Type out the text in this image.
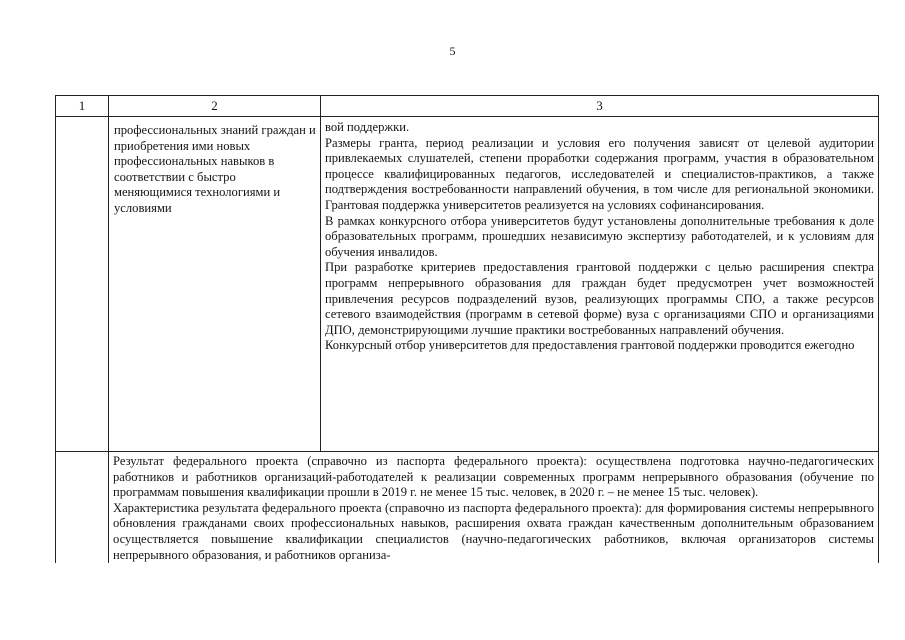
5
1	2	3
	профессиональных знаний граждан и приобретения ими новых профессиональных навыков в соответствии с быстро меняющимися технологиями и условиями	вой поддержки.

Размеры гранта, период реализации и условия его получения зависят от целевой аудитории привлекаемых слушателей, степени проработки содержания программ, участия в образовательном процессе квалифицированных педагогов, исследователей и специалистов-практиков, а также подтверждения востребованности направлений обучения, в том числе для региональной экономики. Грантовая поддержка университетов реализуется на условиях софинансирования.

В рамках конкурсного отбора университетов будут установлены дополнительные требования к доле образовательных программ, прошедших независимую экспертизу работодателей, и к условиям для обучения инвалидов.

При разработке критериев предоставления грантовой поддержки с целью расширения спектра программ непрерывного образования для граждан будет предусмотрен учет возможностей привлечения ресурсов подразделений вузов, реализующих программы СПО, а также ресурсов сетевого взаимодействия (программ в сетевой форме) вуза с организациями СПО и организациями ДПО, демонстрирующими лучшие практики востребованных направлений обучения.

Конкурсный отбор университетов для предоставления грантовой поддержки проводится ежегодно

	Результат федерального проекта (справочно из паспорта федерального проекта): осуществлена подготовка научно-педагогических работников и работников организаций-работодателей к реализации современных программ непрерывного образования (обучение по программам повышения квалификации прошли в 2019 г. не менее 15 тыс. человек, в 2020 г. – не менее 15 тыс. человек).

Характеристика результата федерального проекта (справочно из паспорта федерального проекта): для формирования системы непрерывного обновления гражданами своих профессиональных навыков, расширения охвата граждан качественным дополнительным образованием осуществляется повышение квалификации специалистов (научно-педагогических работников, включая организаторов системы непрерывного образования, и работников организа-	
